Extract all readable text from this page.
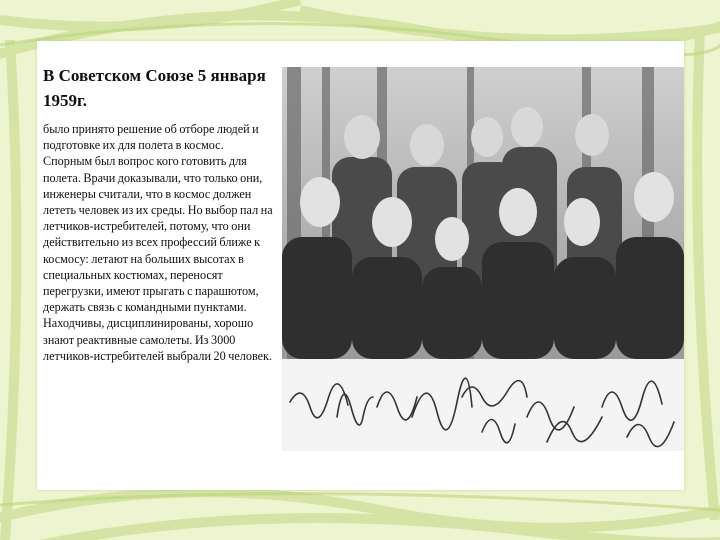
В Советском Союзе 5 января 1959г.
было принято решение об отборе людей и подготовке их для полета в космос. Спорным был вопрос кого готовить для полета. Врачи доказывали, что только они, инженеры считали, что в космос должен лететь человек из их среды. Но выбор пал на летчиков-истребителей, потому, что они действительно из всех профессий ближе к космосу: летают на больших высотах в специальных костюмах, переносят перегрузки, имеют прыгать с парашютом, держать связь с командными пунктами. Находчивы, дисциплинированы, хорошо знают реактивные самолеты. Из 3000 летчиков-истребителей выбрали 20 человек.
